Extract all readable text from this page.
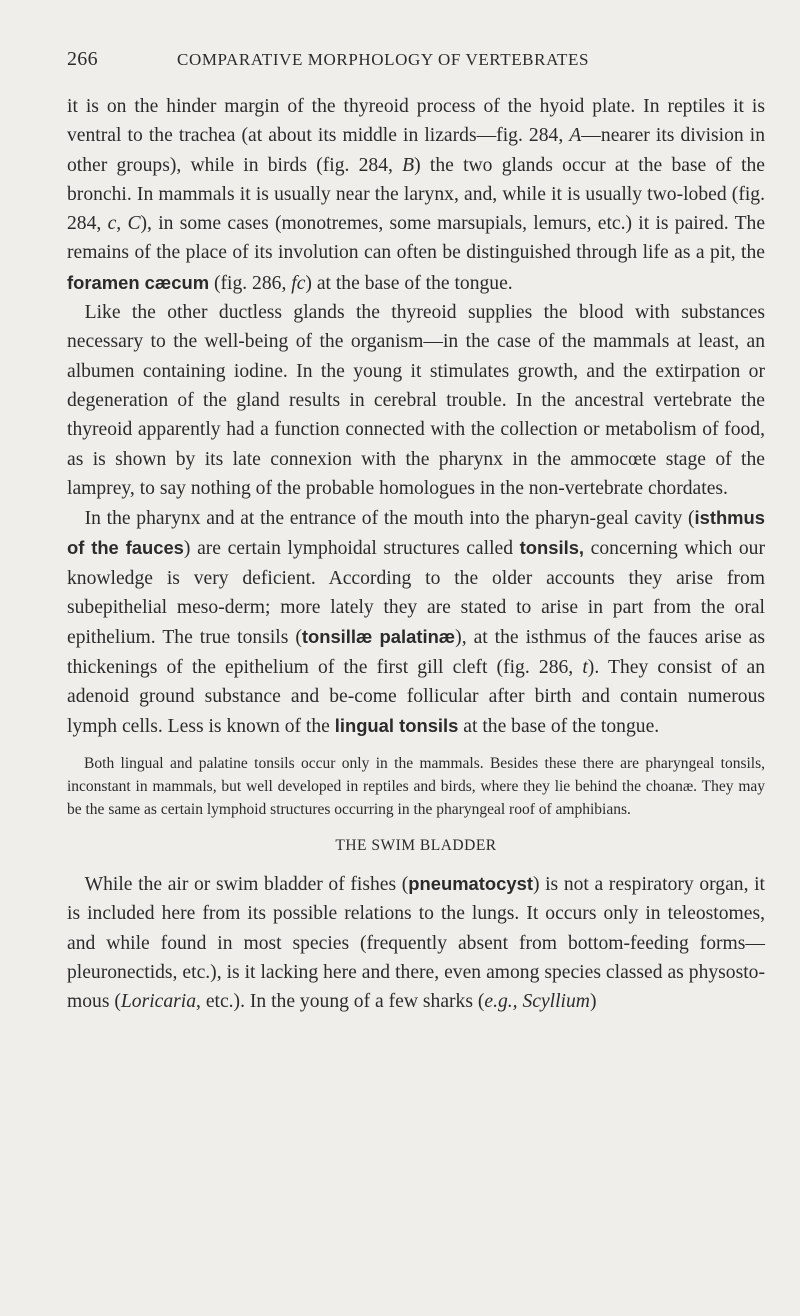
266	COMPARATIVE MORPHOLOGY OF VERTEBRATES

it is on the hinder margin of the thyreoid process of the hyoid plate. In reptiles it is ventral to the trachea (at about its middle in lizards—fig. 284, A—nearer its division in other groups), while in birds (fig. 284, B) the two glands occur at the base of the bronchi. In mammals it is usually near the larynx, and, while it is usually two-lobed (fig. 284, c, C), in some cases (monotremes, some marsupials, lemurs, etc.) it is paired. The remains of the place of its involution can often be distinguished through life as a pit, the foramen cæcum (fig. 286, fc) at the base of the tongue.

Like the other ductless glands the thyreoid supplies the blood with substances necessary to the well-being of the organism—in the case of the mammals at least, an albumen containing iodine. In the young it stimulates growth, and the extirpation or degeneration of the gland results in cerebral trouble. In the ancestral vertebrate the thyreoid apparently had a function connected with the collection or metabolism of food, as is shown by its late connexion with the pharynx in the ammocœte stage of the lamprey, to say nothing of the probable homologues in the non-vertebrate chordates.

In the pharynx and at the entrance of the mouth into the pharyn-geal cavity (isthmus of the fauces) are certain lymphoidal structures called tonsils, concerning which our knowledge is very deficient. According to the older accounts they arise from subepithelial meso-derm; more lately they are stated to arise in part from the oral epithelium. The true tonsils (tonsillæ palatinæ), at the isthmus of the fauces arise as thickenings of the epithelium of the first gill cleft (fig. 286, t). They consist of an adenoid ground substance and be-come follicular after birth and contain numerous lymph cells. Less is known of the lingual tonsils at the base of the tongue.

Both lingual and palatine tonsils occur only in the mammals. Besides these there are pharyngeal tonsils, inconstant in mammals, but well developed in reptiles and birds, where they lie behind the choanæ. They may be the same as certain lymphoid structures occurring in the pharyngeal roof of amphibians.

THE SWIM BLADDER

While the air or swim bladder of fishes (pneumatocyst) is not a respiratory organ, it is included here from its possible relations to the lungs. It occurs only in teleostomes, and while found in most species (frequently absent from bottom-feeding forms—pleuronectids, etc.), is it lacking here and there, even among species classed as physosto-mous (Loricaria, etc.). In the young of a few sharks (e.g., Scyllium)
